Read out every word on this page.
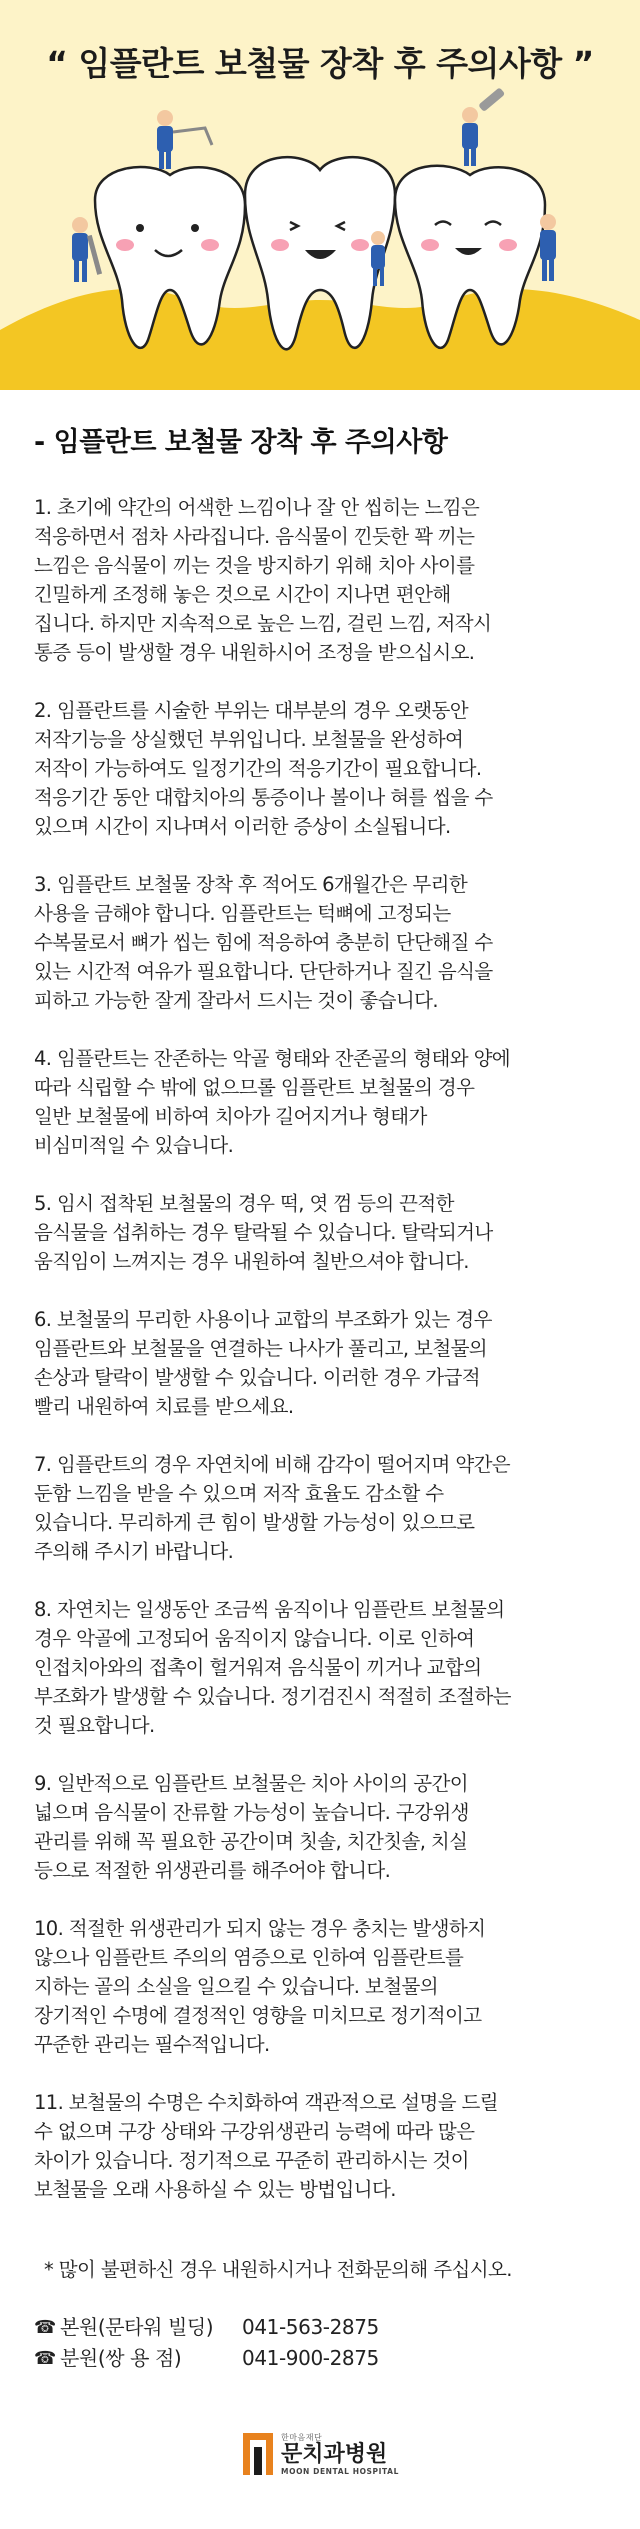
“ 임플란트 보철물 장착 후 주의사항 ”
- 임플란트 보철물 장착 후 주의사항

1. 초기에 약간의 어색한 느낌이나 잘 안 씹히는 느낌은
적응하면서 점차 사라집니다. 음식물이 낀듯한 꽉 끼는
느낌은 음식물이 끼는 것을 방지하기 위해 치아 사이를
긴밀하게 조정해 놓은 것으로 시간이 지나면 편안해
집니다. 하지만 지속적으로 높은 느낌, 걸린 느낌, 저작시
통증 등이 발생할 경우 내원하시어 조정을 받으십시오.

2. 임플란트를 시술한 부위는 대부분의 경우 오랫동안
저작기능을 상실했던 부위입니다. 보철물을 완성하여
저작이 가능하여도 일정기간의 적응기간이 필요합니다.
적응기간 동안 대합치아의 통증이나 볼이나 혀를 씹을 수
있으며 시간이 지나며서 이러한 증상이 소실됩니다.

3. 임플란트 보철물 장착 후 적어도 6개월간은 무리한
사용을 금해야 합니다. 임플란트는 턱뼈에 고정되는
수복물로서 뼈가 씹는 힘에 적응하여 충분히 단단해질 수
있는 시간적 여유가 필요합니다. 단단하거나 질긴 음식을
피하고 가능한 잘게 잘라서 드시는 것이 좋습니다.

4. 임플란트는 잔존하는 악골 형태와 잔존골의 형태와 양에
따라 식립할 수 밖에 없으므롤 임플란트 보철물의 경우
일반 보철물에 비하여 치아가 길어지거나 형태가
비심미적일 수 있습니다.

5. 임시 접착된 보철물의 경우 떡, 엿 껌 등의 끈적한
음식물을 섭취하는 경우 탈락될 수 있습니다. 탈락되거나
움직임이 느껴지는 경우 내원하여 칠반으셔야 합니다.

6. 보철물의 무리한 사용이나 교합의 부조화가 있는 경우
임플란트와 보철물을 연결하는 나사가 풀리고, 보철물의
손상과 탈락이 발생할 수 있습니다. 이러한 경우 가급적
빨리 내원하여 치료를 받으세요.

7. 임플란트의 경우 자연치에 비해 감각이 떨어지며 약간은
둔함 느낌을 받을 수 있으며 저작 효율도 감소할 수
있습니다. 무리하게 큰 힘이 발생할 가능성이 있으므로
주의해 주시기 바랍니다.

8. 자연치는 일생동안 조금씩 움직이나 임플란트 보철물의
경우 악골에 고정되어 움직이지 않습니다. 이로 인하여
인접치아와의 접촉이 헐거워져 음식물이 끼거나 교합의
부조화가 발생할 수 있습니다. 정기검진시 적절히 조절하는
것 필요합니다.

9. 일반적으로 임플란트 보철물은 치아 사이의 공간이
넓으며 음식물이 잔류할 가능성이 높습니다. 구강위생
관리를 위해 꼭 필요한 공간이며 칫솔, 치간칫솔, 치실
등으로 적절한 위생관리를 해주어야 합니다.

10. 적절한 위생관리가 되지 않는 경우 충치는 발생하지
않으나 임플란트 주의의 염증으로 인하여 임플란트를
지하는 골의 소실을 일으킬 수 있습니다. 보철물의
장기적인 수명에 결정적인 영향을 미치므로 정기적이고
꾸준한 관리는 필수적입니다.

11. 보철물의 수명은 수치화하여 객관적으로 설명을 드릴
수 없으며 구강 상태와 구강위생관리 능력에 따라 많은
차이가 있습니다. 정기적으로 꾸준히 관리하시는 것이
보철물을 오래 사용하실 수 있는 방법입니다.

* 많이 불편하신 경우 내원하시거나 전화문의해 주십시오.
☎ 본원(문타워 빌딩)	041-563-2875
☎ 분원(쌍 용 점)	041-900-2875
한마음재단
문치과병원
MOON DENTAL HOSPITAL
